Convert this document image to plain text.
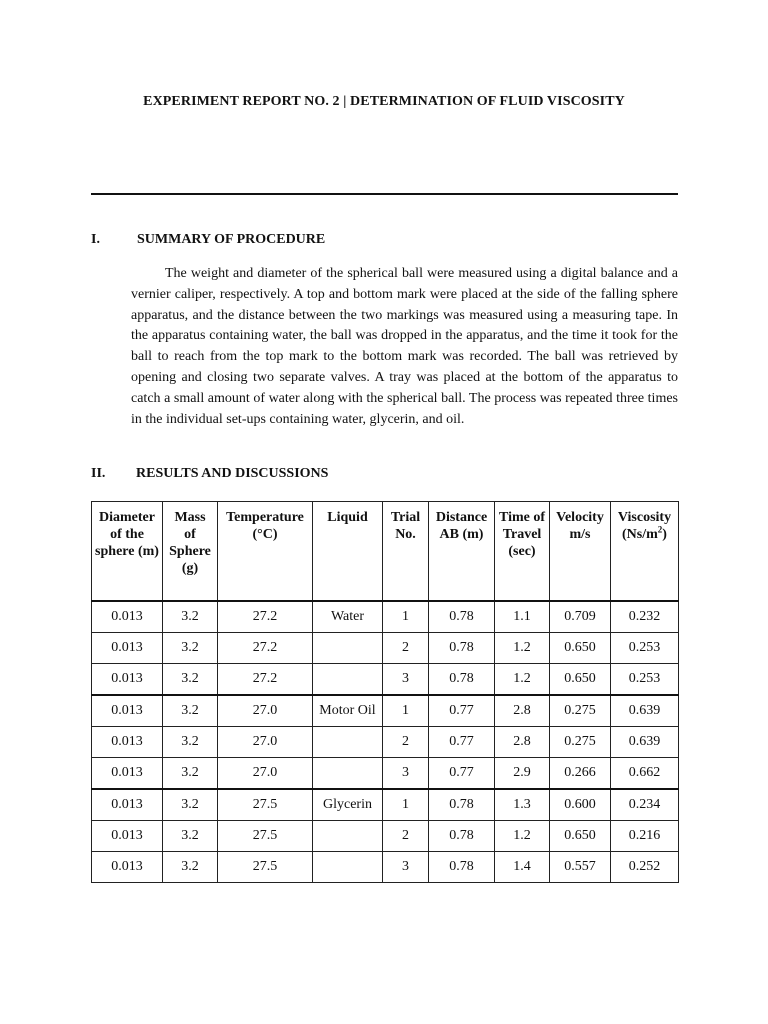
EXPERIMENT REPORT NO. 2 | DETERMINATION OF FLUID VISCOSITY
I.	SUMMARY OF PROCEDURE
The weight and diameter of the spherical ball were measured using a digital balance and a vernier caliper, respectively. A top and bottom mark were placed at the side of the falling sphere apparatus, and the distance between the two markings was measured using a measuring tape. In the apparatus containing water, the ball was dropped in the apparatus, and the time it took for the ball to reach from the top mark to the bottom mark was recorded. The ball was retrieved by opening and closing two separate valves. A tray was placed at the bottom of the apparatus to catch a small amount of water along with the spherical ball. The process was repeated three times in the individual set-ups containing water, glycerin, and oil.
II. RESULTS AND DISCUSSIONS
Diameter of the sphere (m)	Mass of Sphere (g)	Temperature (°C)	Liquid	Trial No.	Distance AB (m)	Time of Travel (sec)	Velocity m/s	Viscosity $(Ns/m^2)$
0.013	3.2	27.2	Water	1	0.78	1.1	0.709	0.232
0.013	3.2	27.2		2	0.78	1.2	0.650	0.253
0.013	3.2	27.2		3	0.78	1.2	0.650	0.253
0.013	3.2	27.0	Motor Oil	1	0.77	2.8	0.275	0.639
0.013	3.2	27.0		2	0.77	2.8	0.275	0.639
0.013	3.2	27.0		3	0.77	2.9	0.266	0.662
0.013	3.2	27.5	Glycerin	1	0.78	1.3	0.600	0.234
0.013	3.2	27.5		2	0.78	1.2	0.650	0.216
0.013	3.2	27.5		3	0.78	1.4	0.557	0.252
